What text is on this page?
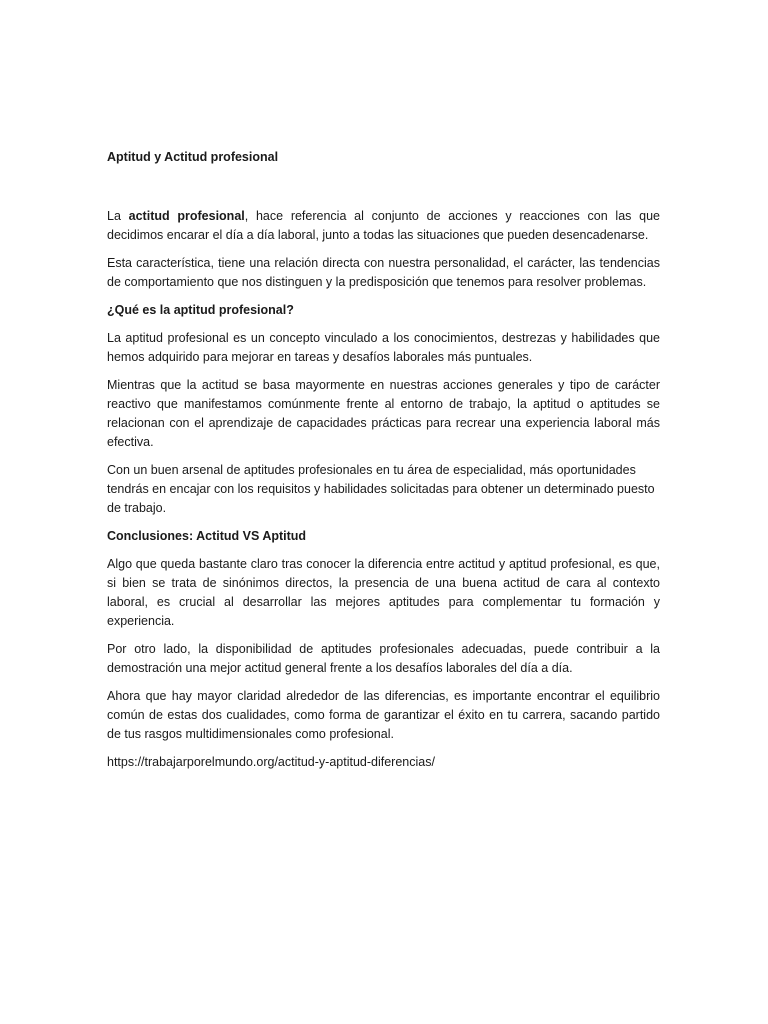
Aptitud y Actitud profesional

La actitud profesional, hace referencia al conjunto de acciones y reacciones con las que decidimos encarar el día a día laboral, junto a todas las situaciones que pueden desencadenarse.

Esta característica, tiene una relación directa con nuestra personalidad, el carácter, las tendencias de comportamiento que nos distinguen y la predisposición que tenemos para resolver problemas.

¿Qué es la aptitud profesional?

La aptitud profesional es un concepto vinculado a los conocimientos, destrezas y habilidades que hemos adquirido para mejorar en tareas y desafíos laborales más puntuales.

Mientras que la actitud se basa mayormente en nuestras acciones generales y tipo de carácter reactivo que manifestamos comúnmente frente al entorno de trabajo, la aptitud o aptitudes se relacionan con el aprendizaje de capacidades prácticas para recrear una experiencia laboral más efectiva.

Con un buen arsenal de aptitudes profesionales en tu área de especialidad, más oportunidades tendrás en encajar con los requisitos y habilidades solicitadas para obtener un determinado puesto de trabajo.

Conclusiones: Actitud VS Aptitud

Algo que queda bastante claro tras conocer la diferencia entre actitud y aptitud profesional, es que, si bien se trata de sinónimos directos, la presencia de una buena actitud de cara al contexto laboral, es crucial al desarrollar las mejores aptitudes para complementar tu formación y experiencia.

Por otro lado, la disponibilidad de aptitudes profesionales adecuadas, puede contribuir a la demostración una mejor actitud general frente a los desafíos laborales del día a día.

Ahora que hay mayor claridad alrededor de las diferencias, es importante encontrar el equilibrio común de estas dos cualidades, como forma de garantizar el éxito en tu carrera, sacando partido de tus rasgos multidimensionales como profesional.

https://trabajarporelmundo.org/actitud-y-aptitud-diferencias/
